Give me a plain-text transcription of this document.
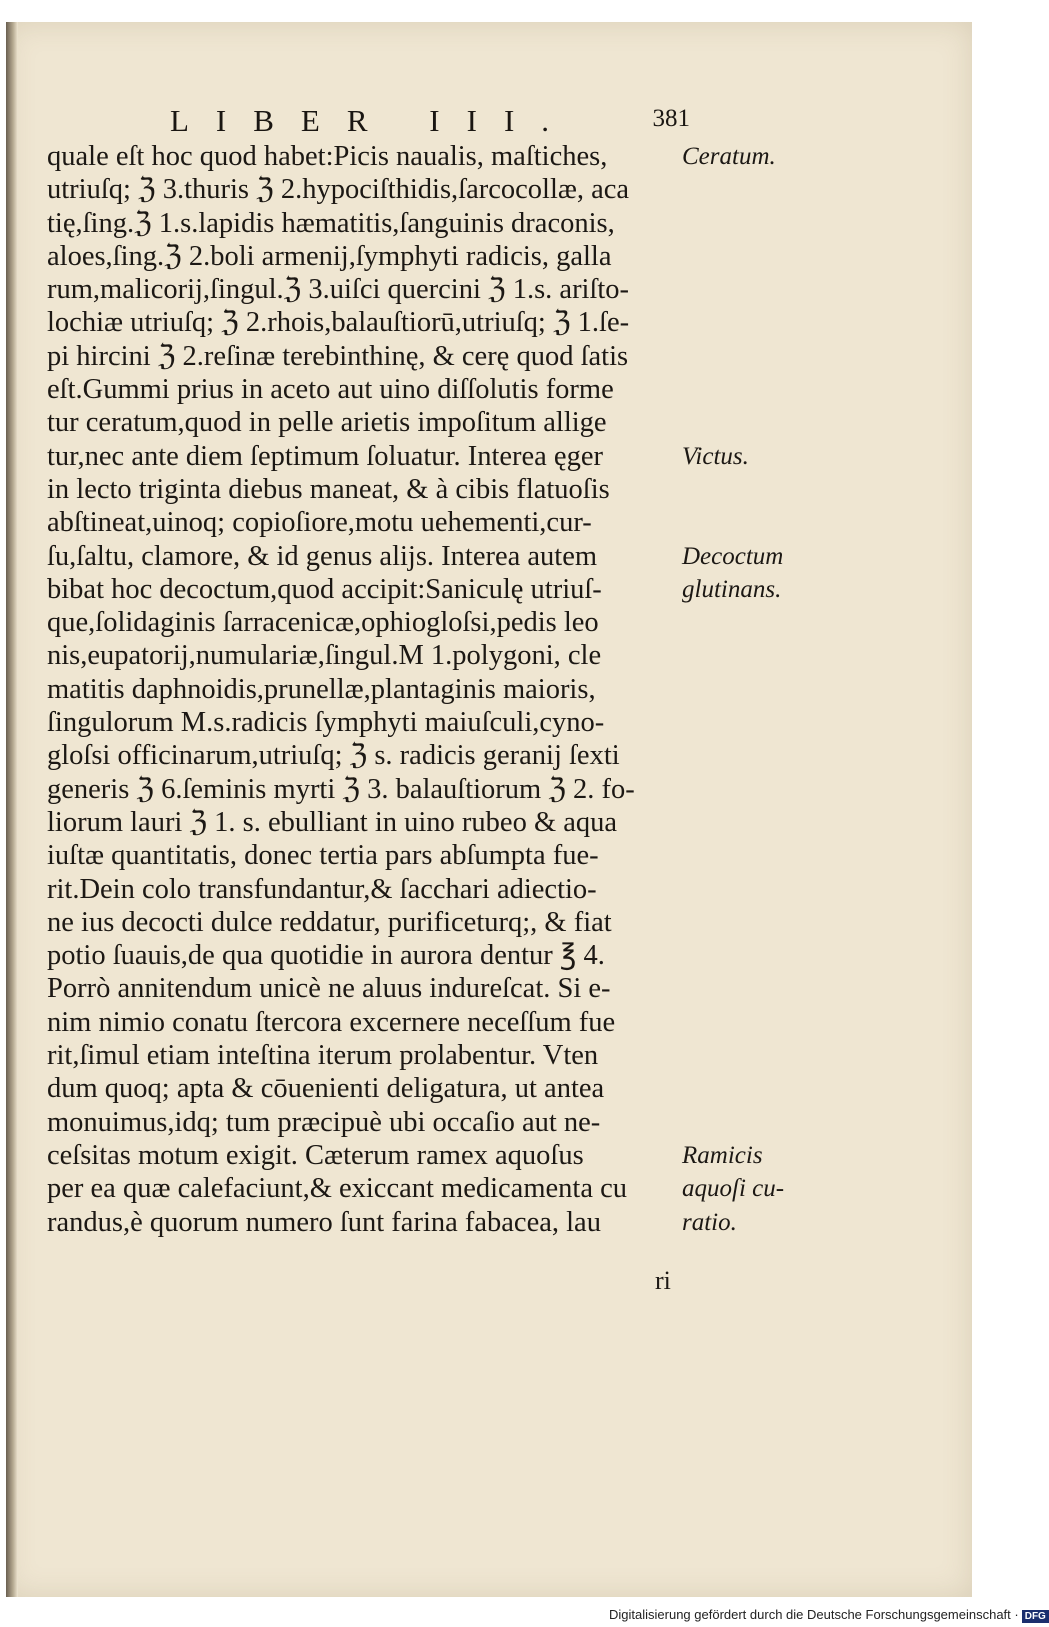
LIBER III.	381
quale eſt hoc quod habet:Picis naualis, maſtiches,
utriuſq; ℨ 3.thuris ℨ 2.hypociſthidis,ſarcocollæ, aca
tię,ſing.ℨ 1.s.lapidis hæmatitis,ſanguinis draconis,
aloes,ſing.ℨ 2.boli armenij,ſymphyti radicis, galla
rum,malicorij,ſingul.ℨ 3.uiſci quercini ℨ 1.s. ariſto-
lochiæ utriuſq; ℨ 2.rhois,balauſtiorū,utriuſq; ℨ 1.ſe-
pi hircini ℨ 2.reſinæ terebinthinę, & cerę quod ſatis
eſt.Gummi prius in aceto aut uino diſſolutis forme
tur ceratum,quod in pelle arietis impoſitum allige
tur,nec ante diem ſeptimum ſoluatur. Interea ęger
in lecto triginta diebus maneat, & à cibis flatuoſis
abſtineat,uinoq; copioſiore,motu uehementi,cur-
ſu,ſaltu, clamore, & id genus alijs. Interea autem
bibat hoc decoctum,quod accipit:Saniculę utriuſ-
que,ſolidaginis ſarracenicæ,ophiogloſsi,pedis leo
nis,eupatorij,numulariæ,ſingul.M 1.polygoni, cle
matitis daphnoidis,prunellæ,plantaginis maioris,
ſingulorum M.s.radicis ſymphyti maiuſculi,cyno-
gloſsi officinarum,utriuſq; ℨ s. radicis geranij ſexti
generis ℨ 6.ſeminis myrti ℨ 3. balauſtiorum ℨ 2. fo-
liorum lauri ℨ 1. s. ebulliant in uino rubeo & aqua
iuſtæ quantitatis, donec tertia pars abſumpta fue-
rit.Dein colo transfundantur,& ſacchari adiectio-
ne ius decocti dulce reddatur, purificeturq;, & fiat
potio ſuauis,de qua quotidie in aurora dentur ℥ 4.
Porrò annitendum unicè ne aluus indureſcat. Si e-
nim nimio conatu ſtercora excernere neceſſum fue
rit,ſimul etiam inteſtina iterum prolabentur. Vten
dum quoq; apta & cōuenienti deligatura, ut antea
monuimus,idq; tum præcipuè ubi occaſio aut ne-
ceſsitas motum exigit. Cæterum ramex aquoſus
per ea quæ calefaciunt,& exiccant medicamenta cu
randus,è quorum numero ſunt farina fabacea, lau
Ceratum.
Victus.
Decoctum
glutinans.
Ramicis
aquoſi cu-
ratio.
ri
Digitalisierung gefördert durch die Deutsche Forschungsgemeinschaft · DFG
